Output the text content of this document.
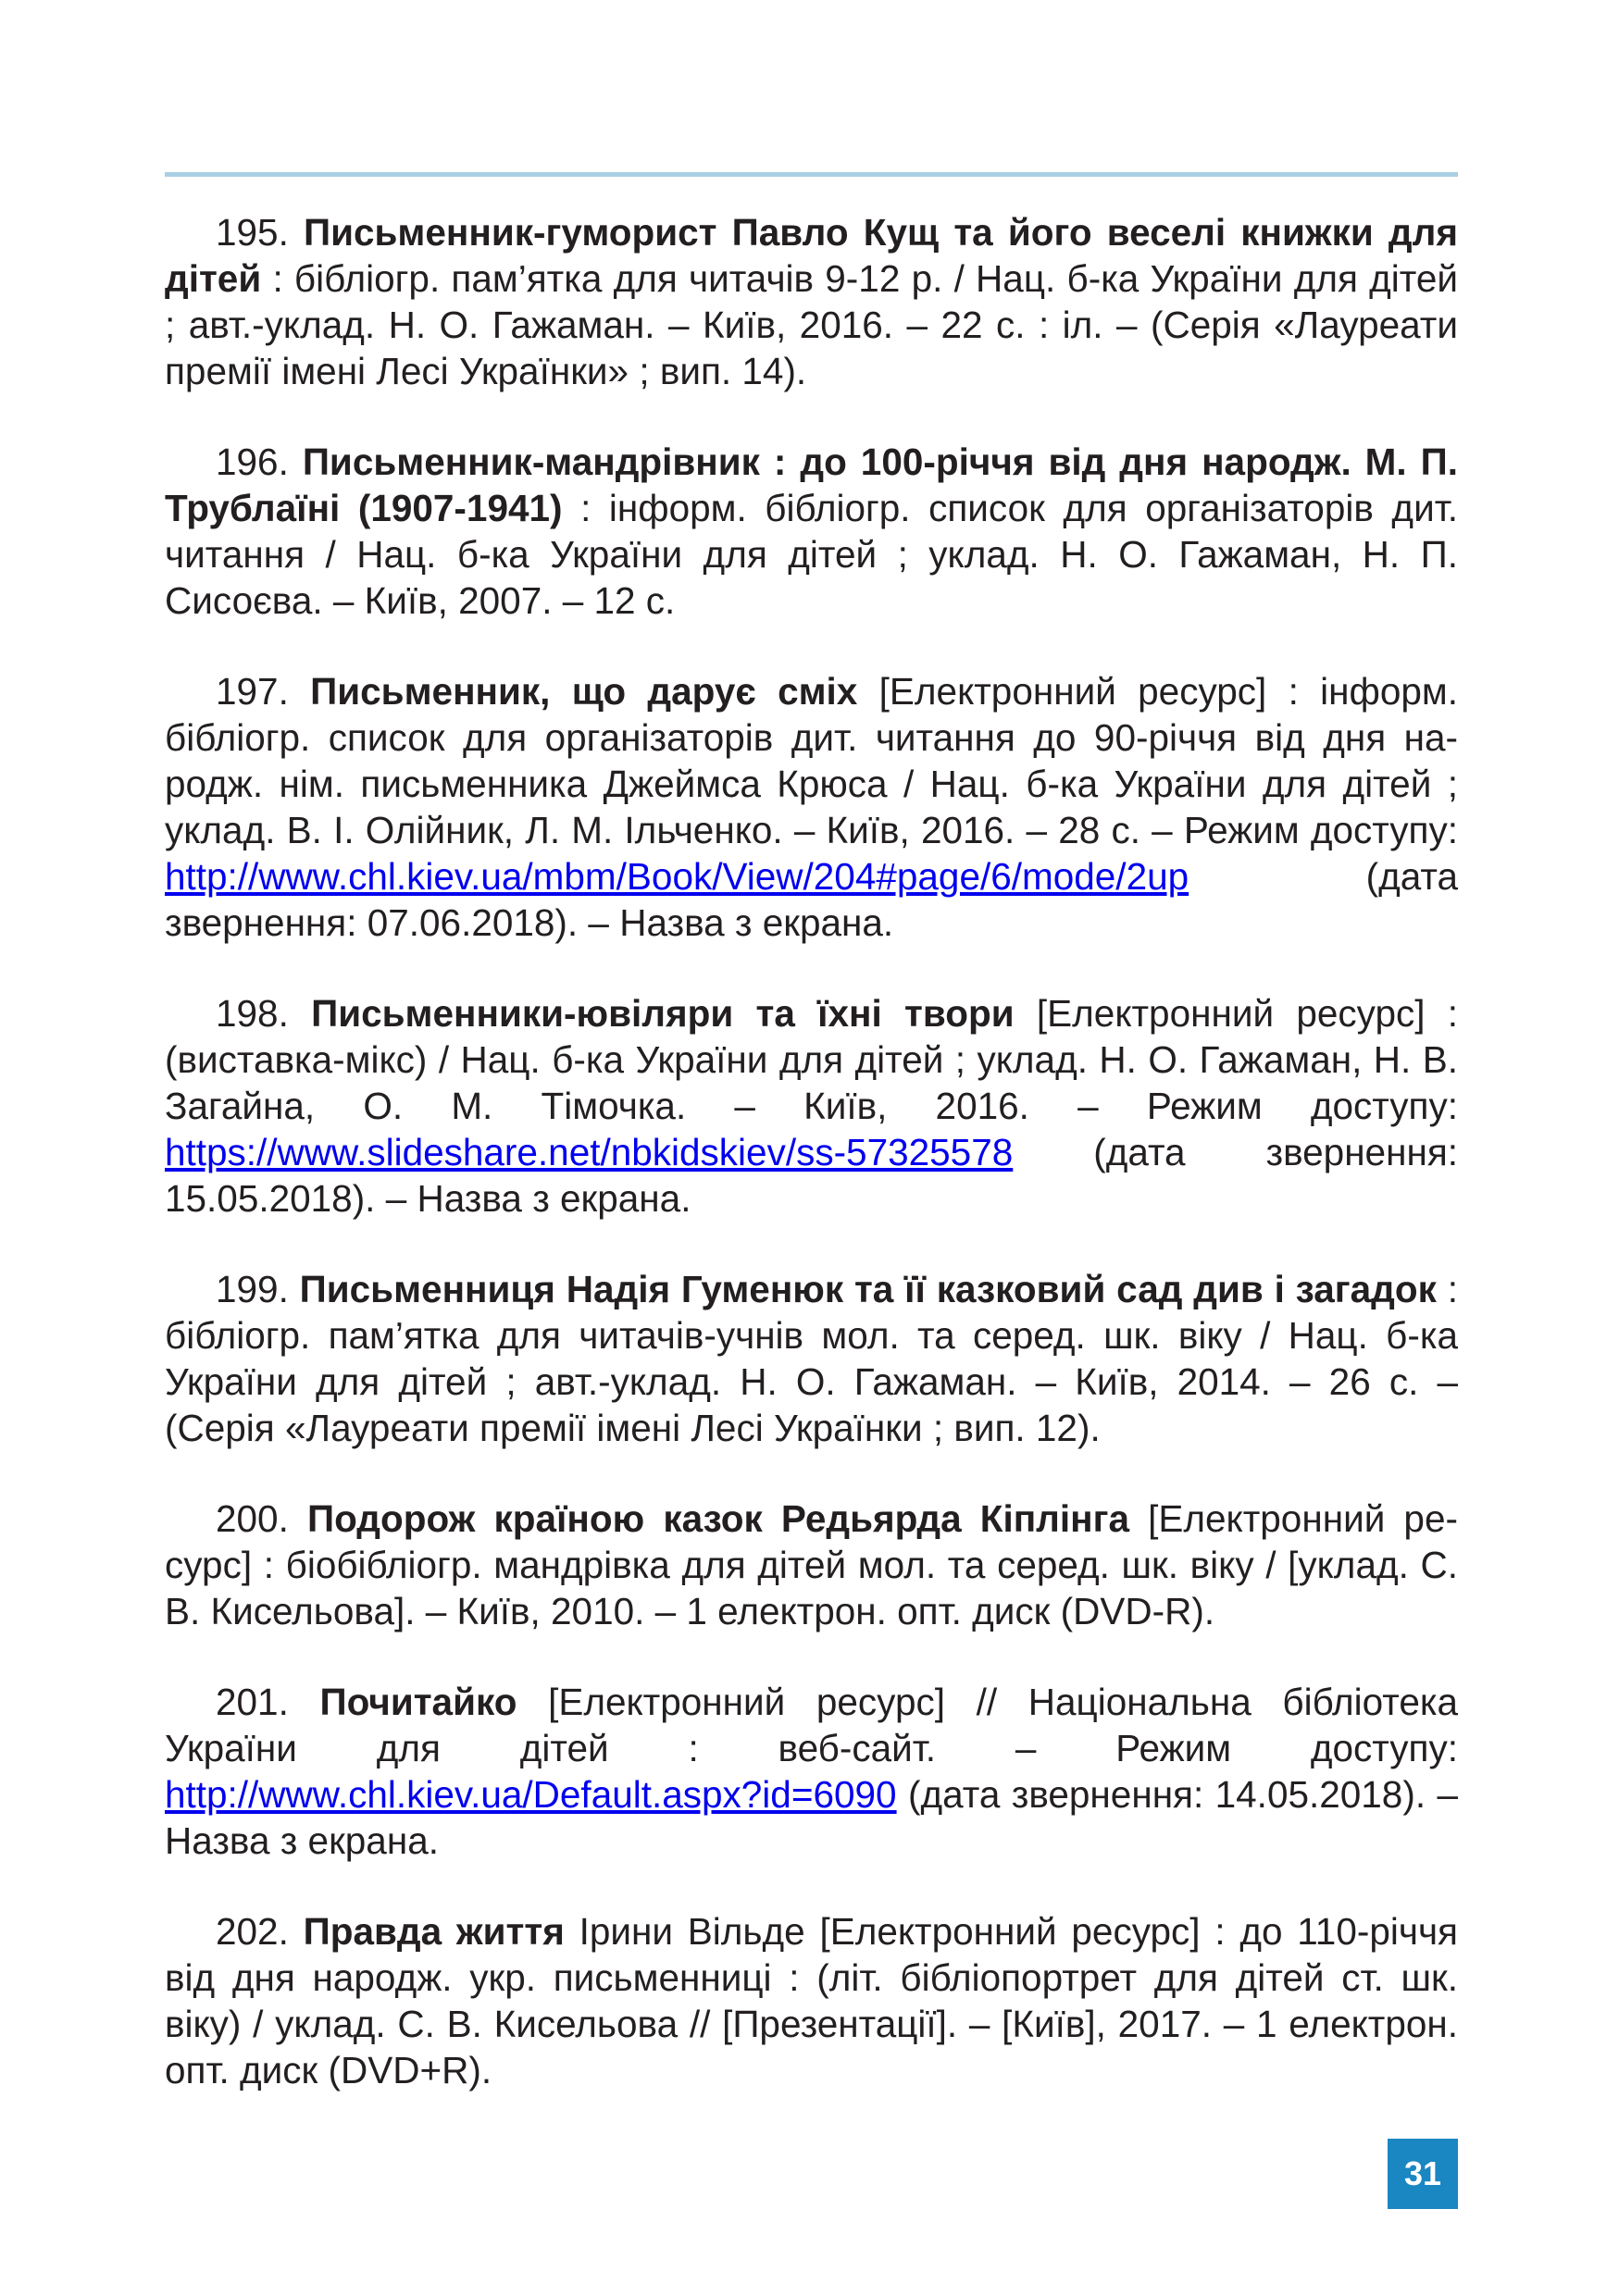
195. Письменник-гуморист Павло Кущ та його веселі книжки для дітей : бібліогр. пам’ятка для читачів 9-12 р. / Нац. б-ка України для дітей ; авт.-уклад. Н. О. Гажаман. – Київ, 2016. – 22 с. : іл. – (Серія «Лауреати премії імені Лесі Українки» ; вип. 14).

196. Письменник-мандрівник : до 100-річчя від дня народж. М. П. Трублаїні (1907-1941) : інформ. бібліогр. список для організаторів дит. читання / Нац. б-ка України для дітей ; уклад. Н. О. Гажаман, Н. П. Сисоєва. – Київ, 2007. – 12 с.

197. Письменник, що дарує сміх [Електронний ресурс] : інформ. бібліогр. список для організаторів дит. читання до 90-річчя від дня народж. нім. письменника Джеймса Крюса / Нац. б-ка України для дітей ; уклад. В. І. Олійник, Л. М. Ільченко. – Київ, 2016. – 28 с. – Режим доступу: http://www.chl.kiev.ua/mbm/Book/View/204#page/6/mode/2up (дата звернення: 07.06.2018). – Назва з екрана.

198. Письменники-ювіляри та їхні твори [Електронний ресурс] : (виставка-мікс) / Нац. б-ка України для дітей ; уклад. Н. О. Гажаман, Н. В. Загайна, О. М. Тімочка. – Київ, 2016. – Режим доступу: https://www.slideshare.net/nbkidskiev/ss-57325578 (дата звернення: 15.05.2018). – Назва з екрана.

199. Письменниця Надія Гуменюк та її казковий сад див і загадок : бібліогр. пам’ятка для читачів-учнів мол. та серед. шк. віку / Нац. б-ка України для дітей ; авт.-уклад. Н. О. Гажаман. – Київ, 2014. – 26 с. – (Серія «Лауреати премії імені Лесі Українки ; вип. 12).

200. Подорож країною казок Редьярда Кіплінга [Електронний ресурс] : біобібліогр. мандрівка для дітей мол. та серед. шк. віку / [уклад. С. В. Кисельова]. – Київ, 2010. – 1 електрон. опт. диск (DVD-R).

201. Почитайко [Електронний ресурс] // Національна бібліотека України для дітей : веб-сайт. – Режим доступу: http://www.chl.kiev.ua/Default.aspx?id=6090 (дата звернення: 14.05.2018). – Назва з екрана.

202. Правда життя Ірини Вільде [Електронний ресурс] : до 110-річчя від дня народж. укр. письменниці : (літ. бібліопортрет для дітей ст. шк. віку) / уклад. С. В. Кисельова // [Презентації]. – [Київ], 2017. – 1 електрон. опт. диск (DVD+R).

31
